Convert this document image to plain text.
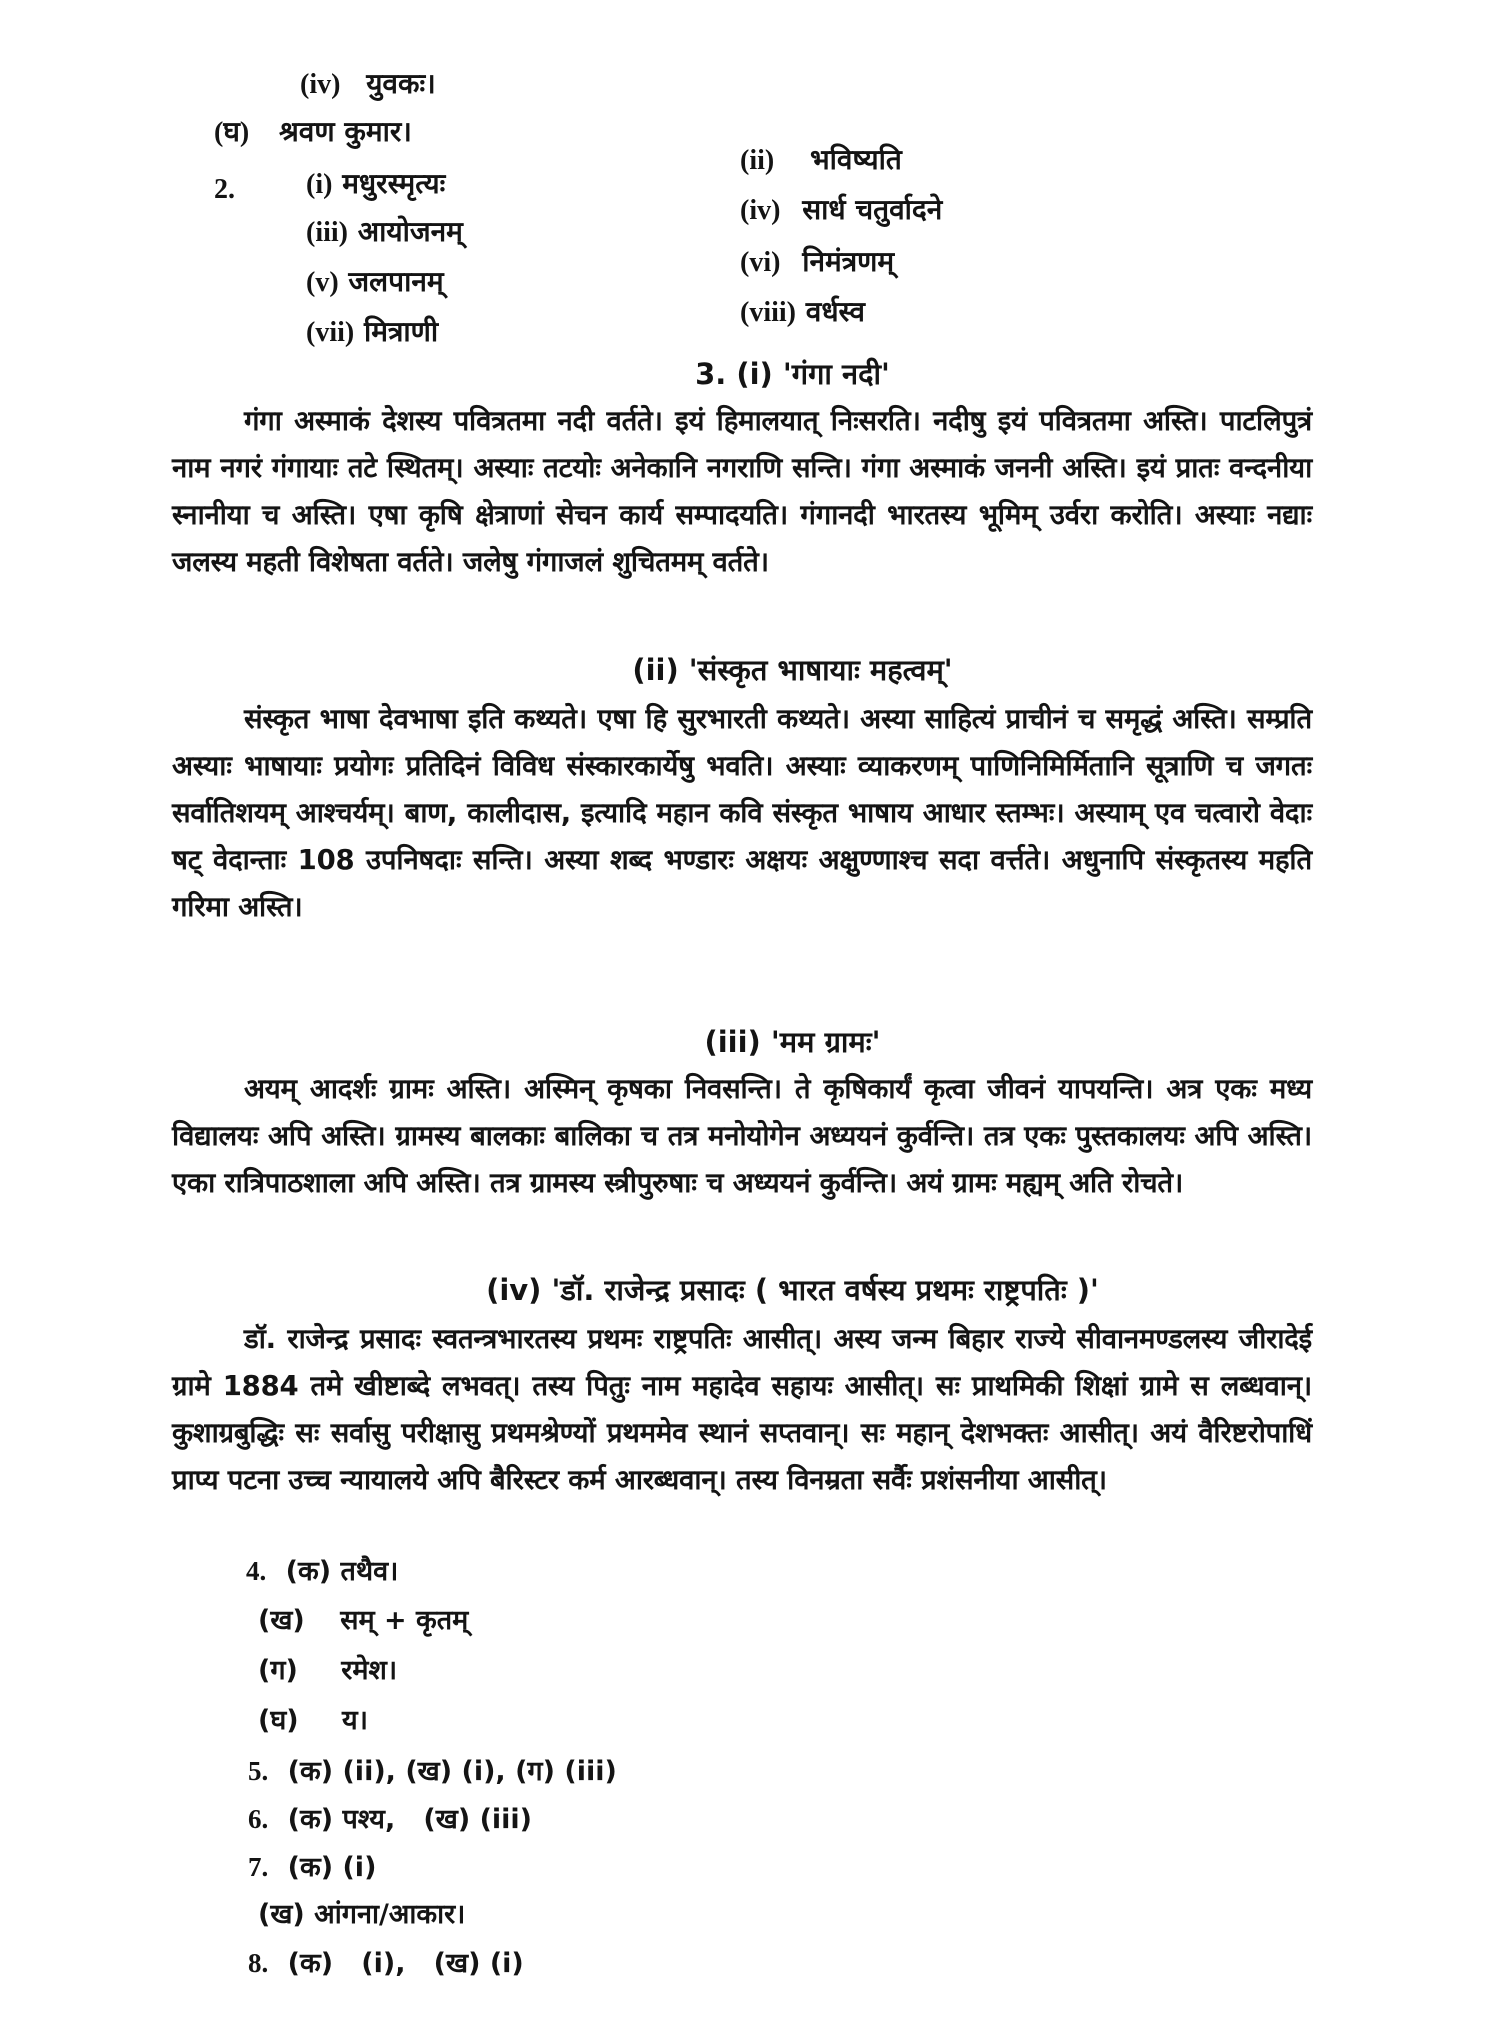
(iv) युवकः।
(घ) श्रवण कुमार।
2.	(i) मधुरस्मृत्यः
(ii) भविष्यति
(iii) आयोजनम्
(iv) सार्ध चतुर्वादने
(v) जलपानम्
(vi) निमंत्रणम्
(vii) मित्राणी
(viii) वर्धस्व
3. (i) 'गंगा नदी'
गंगा अस्माकं देशस्य पवित्रतमा नदी वर्तते। इयं हिमालयात् निःसरति। नदीषु इयं पवित्रतमा अस्ति। पाटलिपुत्रं नाम नगरं गंगायाः तटे स्थितम्। अस्याः तटयोः अनेकानि नगराणि सन्ति। गंगा अस्माकं जननी अस्ति। इयं प्रातः वन्दनीया स्नानीया च अस्ति। एषा कृषि क्षेत्राणां सेचन कार्य सम्पादयति। गंगानदी भारतस्य भूमिम् उर्वरा करोति। अस्याः नद्याः जलस्य महती विशेषता वर्तते। जलेषु गंगाजलं शुचितमम् वर्तते।
(ii) 'संस्कृत भाषायाः महत्वम्'
संस्कृत भाषा देवभाषा इति कथ्यते। एषा हि सुरभारती कथ्यते। अस्या साहित्यं प्राचीनं च समृद्धं अस्ति। सम्प्रति अस्याः भाषायाः प्रयोगः प्रतिदिनं विविध संस्कारकार्येषु भवति। अस्याः व्याकरणम् पाणिनिमिर्मितानि सूत्राणि च जगतः सर्वातिशयम् आश्चर्यम्। बाण, कालीदास, इत्यादि महान कवि संस्कृत भाषाय आधार स्तम्भः। अस्याम् एव चत्वारो वेदाः षट् वेदान्ताः 108 उपनिषदाः सन्ति। अस्या शब्द भण्डारः अक्षयः अक्षुण्णाश्च सदा वर्त्तते। अधुनापि संस्कृतस्य महति गरिमा अस्ति।
(iii) 'मम ग्रामः'
अयम् आदर्शः ग्रामः अस्ति। अस्मिन् कृषका निवसन्ति। ते कृषिकार्यं कृत्वा जीवनं यापयन्ति। अत्र एकः मध्य विद्यालयः अपि अस्ति। ग्रामस्य बालकाः बालिका च तत्र मनोयोगेन अध्ययनं कुर्वन्ति। तत्र एकः पुस्तकालयः अपि अस्ति। एका रात्रिपाठशाला अपि अस्ति। तत्र ग्रामस्य स्त्रीपुरुषाः च अध्ययनं कुर्वन्ति। अयं ग्रामः मह्यम् अति रोचते।
(iv) 'डॉ. राजेन्द्र प्रसादः ( भारत वर्षस्य प्रथमः राष्ट्रपतिः )'
डॉ. राजेन्द्र प्रसादः स्वतन्त्रभारतस्य प्रथमः राष्ट्रपतिः आसीत्। अस्य जन्म बिहार राज्ये सीवानमण्डलस्य जीरादेई ग्रामे 1884 तमे खीष्टाब्दे लभवत्। तस्य पितुः नाम महादेव सहायः आसीत्। सः प्राथमिकी शिक्षां ग्रामे स लब्धवान्। कुशाग्रबुद्धिः सः सर्वासु परीक्षासु प्रथमश्रेण्यों प्रथममेव स्थानं सप्तवान्। सः महान् देशभक्तः आसीत्। अयं वैरिष्टरोपाधिं प्राप्य पटना उच्च न्यायालये अपि बैरिस्टर कर्म आरब्धवान्। तस्य विनम्रता सर्वैः प्रशंसनीया आसीत्।
4. (क) तथैव।
(ख) सम् + कृतम्
(ग) रमेश।
(घ) य।
5. (क) (ii), (ख) (i), (ग) (iii)
6. (क) पश्य,   (ख) (iii)
7. (क) (i)
(ख) आंगना/आकार।
8. (क)   (i),   (ख) (i)
